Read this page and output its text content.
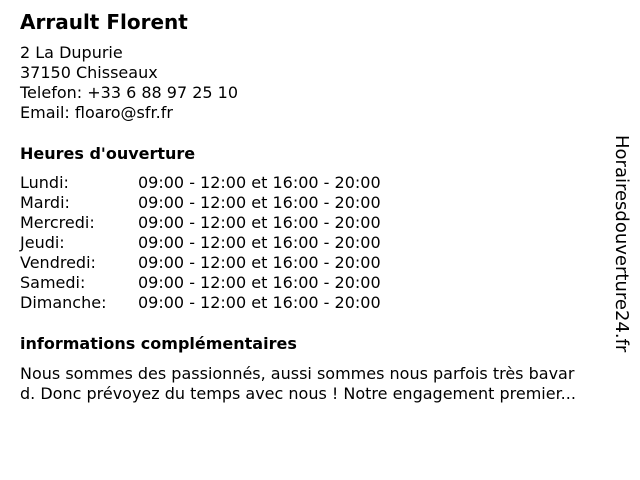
Arrault Florent
2 La Dupurie
37150 Chisseaux
Telefon: +33 6 88 97 25 10
Email: floaro@sfr.fr
Heures d'ouverture
Lundi:	09:00 - 12:00 et 16:00 - 20:00
Mardi:	09:00 - 12:00 et 16:00 - 20:00
Mercredi:	09:00 - 12:00 et 16:00 - 20:00
Jeudi:	09:00 - 12:00 et 16:00 - 20:00
Vendredi:	09:00 - 12:00 et 16:00 - 20:00
Samedi:	09:00 - 12:00 et 16:00 - 20:00
Dimanche:	09:00 - 12:00 et 16:00 - 20:00
informations complémentaires
Nous sommes des passionnés, aussi sommes nous parfois très bavar
d. Donc prévoyez du temps avec nous ! Notre engagement premier...
Horairesdouverture24.fr
